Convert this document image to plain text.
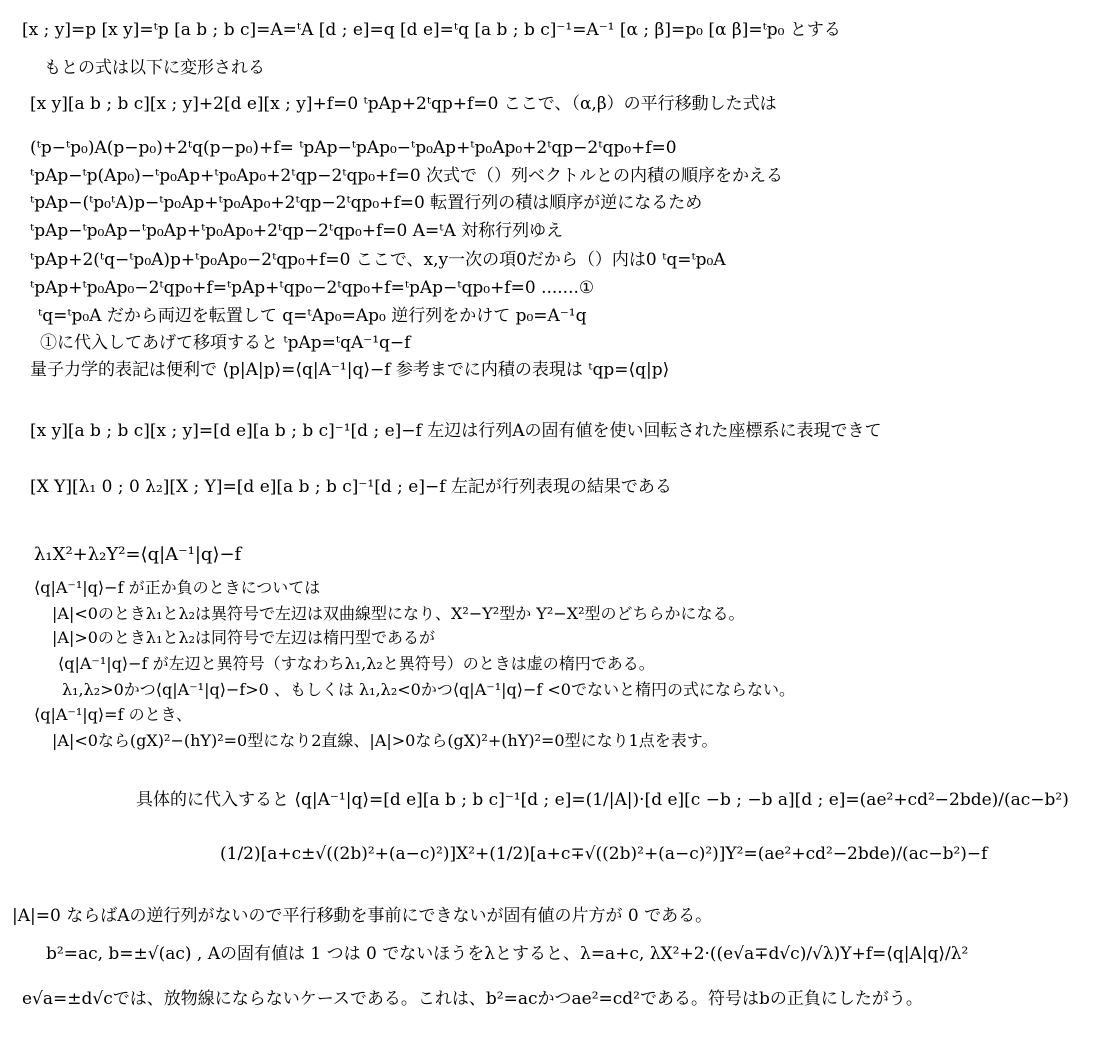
[x ; y]=p [x y]=ᵗp [a b ; b c]=A=ᵗA [d ; e]=q [d e]=ᵗq [a b ; b c]⁻¹=A⁻¹ [α ; β]=p₀ [α β]=ᵗp₀ とする
もとの式は以下に変形される
[x y][a b ; b c][x ; y]+2[d e][x ; y]+f=0 ᵗpAp+2ᵗqp+f=0 ここで、（α,β）の平行移動した式は
(ᵗp−ᵗp₀)A(p−p₀)+2ᵗq(p−p₀)+f= ᵗpAp−ᵗpAp₀−ᵗp₀Ap+ᵗp₀Ap₀+2ᵗqp−2ᵗqp₀+f=0
ᵗpAp−ᵗp(Ap₀)−ᵗp₀Ap+ᵗp₀Ap₀+2ᵗqp−2ᵗqp₀+f=0 次式で（）列ベクトルとの内積の順序をかえる
ᵗpAp−(ᵗp₀ᵗA)p−ᵗp₀Ap+ᵗp₀Ap₀+2ᵗqp−2ᵗqp₀+f=0 転置行列の積は順序が逆になるため
ᵗpAp−ᵗp₀Ap−ᵗp₀Ap+ᵗp₀Ap₀+2ᵗqp−2ᵗqp₀+f=0 A=ᵗA 対称行列ゆえ
ᵗpAp+2(ᵗq−ᵗp₀A)p+ᵗp₀Ap₀−2ᵗqp₀+f=0 ここで、x,y一次の項0だから（）内は0 ᵗq=ᵗp₀A
ᵗpAp+ᵗp₀Ap₀−2ᵗqp₀+f=ᵗpAp+ᵗqp₀−2ᵗqp₀+f=ᵗpAp−ᵗqp₀+f=0 .......①
ᵗq=ᵗp₀A だから両辺を転置して q=ᵗAp₀=Ap₀ 逆行列をかけて p₀=A⁻¹q
①に代入してあげて移項すると ᵗpAp=ᵗqA⁻¹q−f
量子力学的表記は便利で ⟨p|A|p⟩=⟨q|A⁻¹|q⟩−f 参考までに内積の表現は ᵗqp=⟨q|p⟩
[x y][a b ; b c][x ; y]=[d e][a b ; b c]⁻¹[d ; e]−f 左辺は行列Aの固有値を使い回転された座標系に表現できて
[X Y][λ₁ 0 ; 0 λ₂][X ; Y]=[d e][a b ; b c]⁻¹[d ; e]−f 左記が行列表現の結果である
λ₁X²+λ₂Y²=⟨q|A⁻¹|q⟩−f
⟨q|A⁻¹|q⟩−f が正か負のときについては
|A|<0のときλ₁とλ₂は異符号で左辺は双曲線型になり、X²−Y²型か Y²−X²型のどちらかになる。
|A|>0のときλ₁とλ₂は同符号で左辺は楕円型であるが
⟨q|A⁻¹|q⟩−f が左辺と異符号（すなわちλ₁,λ₂と異符号）のときは虚の楕円である。
λ₁,λ₂>0かつ⟨q|A⁻¹|q⟩−f>0 、もしくは λ₁,λ₂<0かつ⟨q|A⁻¹|q⟩−f <0でないと楕円の式にならない。
⟨q|A⁻¹|q⟩=f のとき、
|A|<0なら(gX)²−(hY)²=0型になり2直線、|A|>0なら(gX)²+(hY)²=0型になり1点を表す。
具体的に代入すると ⟨q|A⁻¹|q⟩=[d e][a b ; b c]⁻¹[d ; e]=(1/|A|)·[d e][c −b ; −b a][d ; e]=(ae²+cd²−2bde)/(ac−b²)
(1/2)[a+c±√((2b)²+(a−c)²)]X²+(1/2)[a+c∓√((2b)²+(a−c)²)]Y²=(ae²+cd²−2bde)/(ac−b²)−f
|A|=0 ならばAの逆行列がないので平行移動を事前にできないが固有値の片方が 0 である。
b²=ac, b=±√(ac) , Aの固有値は 1 つは 0 でないほうをλとすると、λ=a+c, λX²+2·((e√a∓d√c)/√λ)Y+f=⟨q|A|q⟩/λ²
e√a=±d√cでは、放物線にならないケースである。これは、b²=acかつae²=cd²である。符号はbの正負にしたがう。
